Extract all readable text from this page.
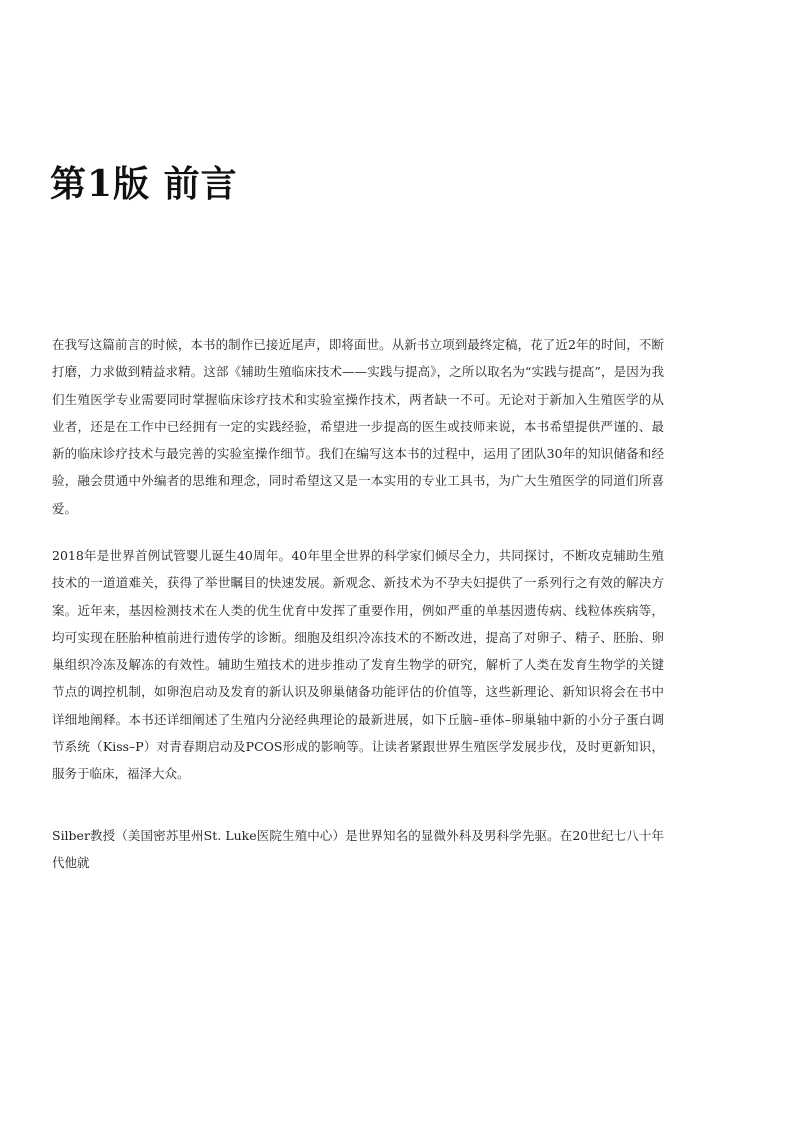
第1版 前言

在我写这篇前言的时候，本书的制作已接近尾声，即将面世。从新书立项到最终定稿，花了近2年的时间，不断打磨，力求做到精益求精。这部《辅助生殖临床技术——实践与提高》，之所以取名为“实践与提高”，是因为我们生殖医学专业需要同时掌握临床诊疗技术和实验室操作技术，两者缺一不可。无论对于新加入生殖医学的从业者，还是在工作中已经拥有一定的实践经验，希望进一步提高的医生或技师来说，本书希望提供严谨的、最新的临床诊疗技术与最完善的实验室操作细节。我们在编写这本书的过程中，运用了团队30年的知识储备和经验，融会贯通中外编者的思维和理念，同时希望这又是一本实用的专业工具书，为广大生殖医学的同道们所喜爱。

2018年是世界首例试管婴儿诞生40周年。40年里全世界的科学家们倾尽全力，共同探讨，不断攻克辅助生殖技术的一道道难关，获得了举世瞩目的快速发展。新观念、新技术为不孕夫妇提供了一系列行之有效的解决方案。近年来，基因检测技术在人类的优生优育中发挥了重要作用，例如严重的单基因遗传病、线粒体疾病等，均可实现在胚胎种植前进行遗传学的诊断。细胞及组织冷冻技术的不断改进，提高了对卵子、精子、胚胎、卵巢组织冷冻及解冻的有效性。辅助生殖技术的进步推动了发育生物学的研究，解析了人类在发育生物学的关键节点的调控机制，如卵泡启动及发育的新认识及卵巢储备功能评估的价值等，这些新理论、新知识将会在书中详细地阐释。本书还详细阐述了生殖内分泌经典理论的最新进展，如下丘脑–垂体–卵巢轴中新的小分子蛋白调节系统（Kiss–P）对青春期启动及PCOS形成的影响等。让读者紧跟世界生殖医学发展步伐，及时更新知识，服务于临床，福泽大众。

Silber教授（美国密苏里州St. Luke医院生殖中心）是世界知名的显微外科及男科学先驱。在20世纪七八十年代他就
